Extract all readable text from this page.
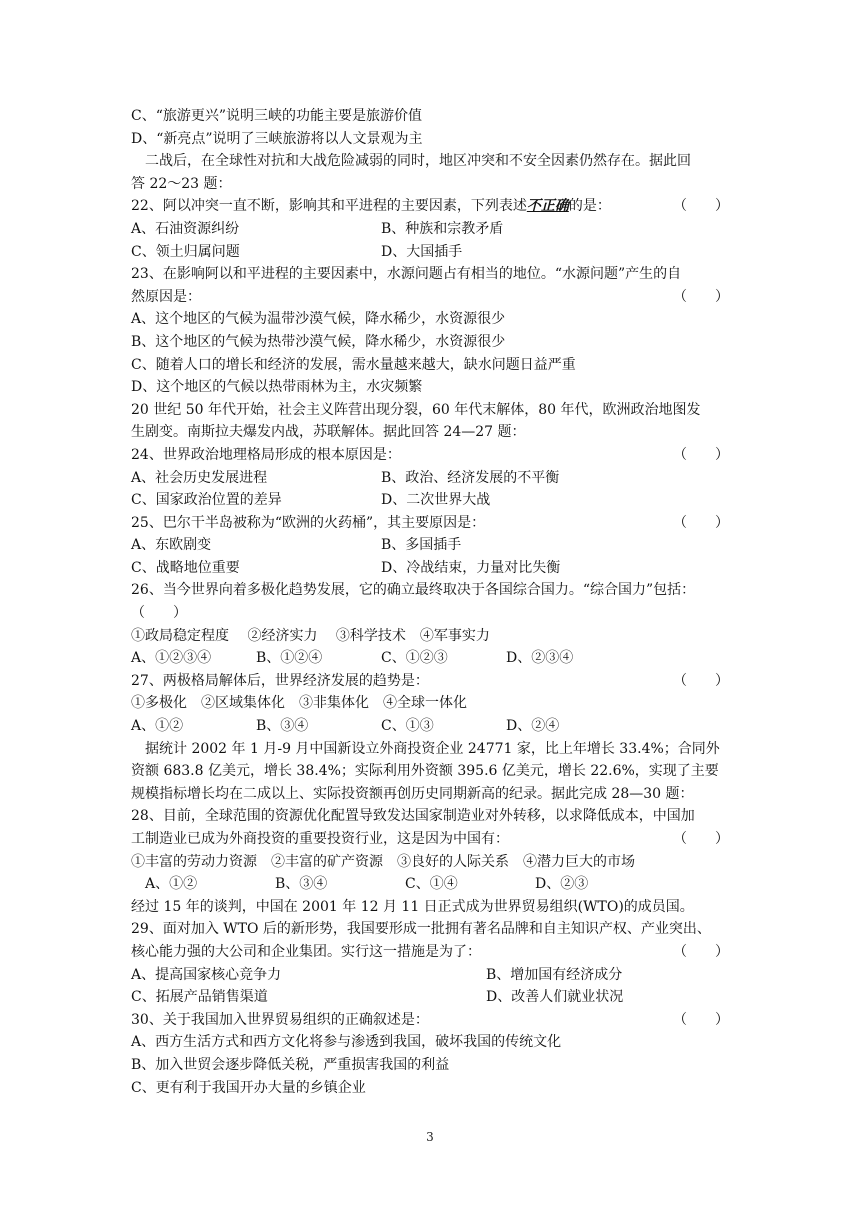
C、“旅游更兴”说明三峡的功能主要是旅游价值
D、“新亮点”说明了三峡旅游将以人文景观为主
二战后，在全球性对抗和大战危险减弱的同时，地区冲突和不安全因素仍然存在。据此回
答 22～23 题：
22、阿以冲突一直不断，影响其和平进程的主要因素，下列表述不正确的是：	（　　）
A、石油资源纠纷	B、种族和宗教矛盾
C、领土归属问题	D、大国插手
23、在影响阿以和平进程的主要因素中，水源问题占有相当的地位。“水源问题”产生的自
然原因是：	（　　）
A、这个地区的气候为温带沙漠气候，降水稀少，水资源很少
B、这个地区的气候为热带沙漠气候，降水稀少，水资源很少
C、随着人口的增长和经济的发展，需水量越来越大，缺水问题日益严重
D、这个地区的气候以热带雨林为主，水灾频繁
20 世纪 50 年代开始，社会主义阵营出现分裂，60 年代末解体，80 年代，欧洲政治地图发
生剧变。南斯拉夫爆发内战，苏联解体。据此回答 24—27 题：
24、世界政治地理格局形成的根本原因是：	（　　）
A、社会历史发展进程	B、政治、经济发展的不平衡
C、国家政治位置的差异	D、二次世界大战
25、巴尔干半岛被称为“欧洲的火药桶”，其主要原因是：	（　　）
A、东欧剧变	B、多国插手
C、战略地位重要	D、冷战结束，力量对比失衡
26、当今世界向着多极化趋势发展，它的确立最终取决于各国综合国力。“综合国力”包括：
（　　）
①政局稳定程度　 ②经济实力　 ③科学技术　④军事实力
A、①②③④	B、①②④	C、①②③	D、②③④
27、两极格局解体后，世界经济发展的趋势是：	（　　）
①多极化　②区域集体化　③非集体化　④全球一体化
A、①②	B、③④	C、①③	D、②④
据统计 2002 年 1 月-9 月中国新设立外商投资企业 24771 家，比上年增长 33.4%；合同外
资额 683.8 亿美元，增长 38.4%；实际利用外资额 395.6 亿美元，增长 22.6%，实现了主要
规模指标增长均在二成以上、实际投资额再创历史同期新高的纪录。据此完成 28—30 题：
28、目前，全球范围的资源优化配置导致发达国家制造业对外转移，以求降低成本，中国加
工制造业已成为外商投资的重要投资行业，这是因为中国有：	（　　）
①丰富的劳动力资源　②丰富的矿产资源　③良好的人际关系　④潜力巨大的市场
A、①②	B、③④	C、①④	D、②③
经过 15 年的谈判，中国在 2001 年 12 月 11 日正式成为世界贸易组织(WTO)的成员国。
29、面对加入 WTO 后的新形势，我国要形成一批拥有著名品牌和自主知识产权、产业突出、
核心能力强的大公司和企业集团。实行这一措施是为了：	（　　）
A、提高国家核心竞争力	B、增加国有经济成分
C、拓展产品销售渠道	D、改善人们就业状况
30、关于我国加入世界贸易组织的正确叙述是：	（　　）
A、西方生活方式和西方文化将参与渗透到我国，破坏我国的传统文化
B、加入世贸会逐步降低关税，严重损害我国的利益
C、更有利于我国开办大量的乡镇企业
3
